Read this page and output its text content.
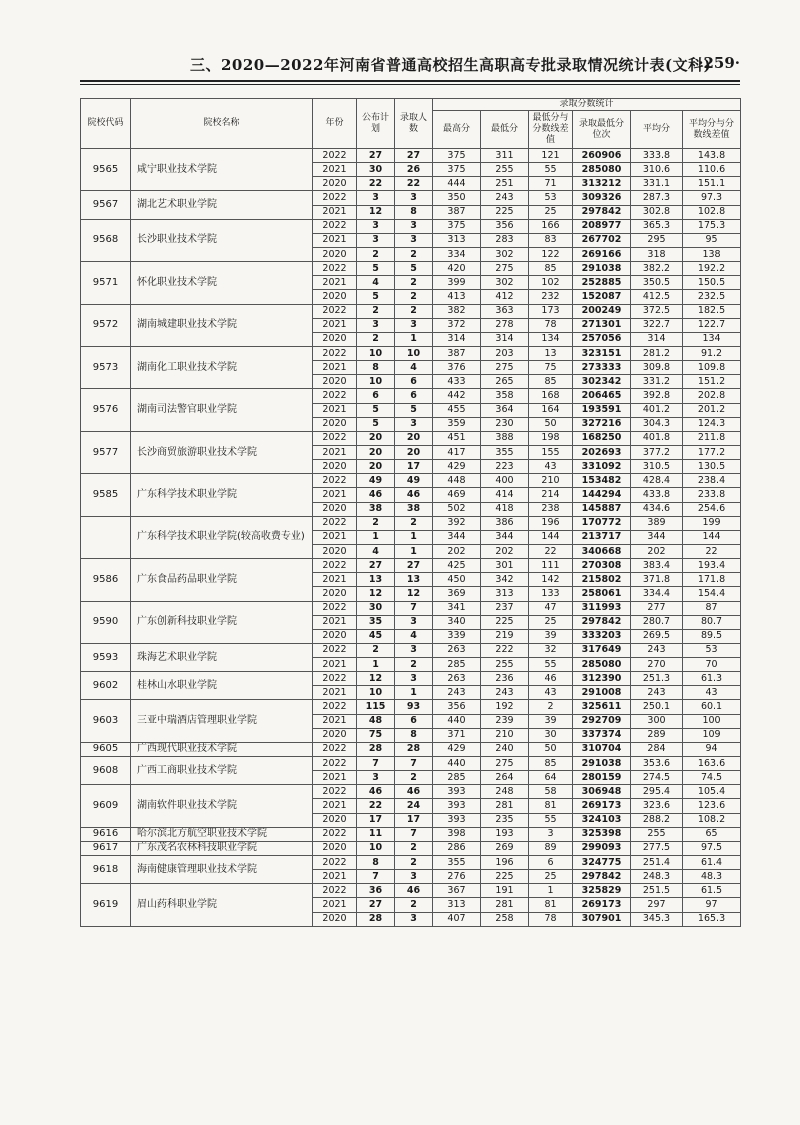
三、2020—2022年河南省普通高校招生高职高专批录取情况统计表(文科)
·259·
院校代码	院校名称	年份	公布计划	录取人数	录取分数统计					
					最高分	最低分	最低分与分数线差值	录取最低分位次	平均分	平均分与分数线差值
9565	咸宁职业技术学院	2022	27	27	375	311	121	260906	333.8	143.8
		2021	30	26	375	255	55	285080	310.6	110.6
		2020	22	22	444	251	71	313212	331.1	151.1
9567	湖北艺术职业学院	2022	3	3	350	243	53	309326	287.3	97.3
		2021	12	8	387	225	25	297842	302.8	102.8
9568	长沙职业技术学院	2022	3	3	375	356	166	208977	365.3	175.3
		2021	3	3	313	283	83	267702	295	95
		2020	2	2	334	302	122	269166	318	138
9571	怀化职业技术学院	2022	5	5	420	275	85	291038	382.2	192.2
		2021	4	2	399	302	102	252885	350.5	150.5
		2020	5	2	413	412	232	152087	412.5	232.5
9572	湖南城建职业技术学院	2022	2	2	382	363	173	200249	372.5	182.5
		2021	3	3	372	278	78	271301	322.7	122.7
		2020	2	1	314	314	134	257056	314	134
9573	湖南化工职业技术学院	2022	10	10	387	203	13	323151	281.2	91.2
		2021	8	4	376	275	75	273333	309.8	109.8
		2020	10	6	433	265	85	302342	331.2	151.2
9576	湖南司法警官职业学院	2022	6	6	442	358	168	206465	392.8	202.8
		2021	5	5	455	364	164	193591	401.2	201.2
		2020	5	3	359	230	50	327216	304.3	124.3
9577	长沙商贸旅游职业技术学院	2022	20	20	451	388	198	168250	401.8	211.8
		2021	20	20	417	355	155	202693	377.2	177.2
		2020	20	17	429	223	43	331092	310.5	130.5
9585	广东科学技术职业学院	2022	49	49	448	400	210	153482	428.4	238.4
		2021	46	46	469	414	214	144294	433.8	233.8
		2020	38	38	502	418	238	145887	434.6	254.6
	广东科学技术职业学院(较高收费专业)	2022	2	2	392	386	196	170772	389	199
		2021	1	1	344	344	144	213717	344	144
		2020	4	1	202	202	22	340668	202	22
9586	广东食品药品职业学院	2022	27	27	425	301	111	270308	383.4	193.4
		2021	13	13	450	342	142	215802	371.8	171.8
		2020	12	12	369	313	133	258061	334.4	154.4
9590	广东创新科技职业学院	2022	30	7	341	237	47	311993	277	87
		2021	35	3	340	225	25	297842	280.7	80.7
		2020	45	4	339	219	39	333203	269.5	89.5
9593	珠海艺术职业学院	2022	2	3	263	222	32	317649	243	53
		2021	1	2	285	255	55	285080	270	70
9602	桂林山水职业学院	2022	12	3	263	236	46	312390	251.3	61.3
		2021	10	1	243	243	43	291008	243	43
9603	三亚中瑞酒店管理职业学院	2022	115	93	356	192	2	325611	250.1	60.1
		2021	48	6	440	239	39	292709	300	100
		2020	75	8	371	210	30	337374	289	109
9605	广西现代职业技术学院	2022	28	28	429	240	50	310704	284	94
9608	广西工商职业技术学院	2022	7	7	440	275	85	291038	353.6	163.6
		2021	3	2	285	264	64	280159	274.5	74.5
9609	湖南软件职业技术学院	2022	46	46	393	248	58	306948	295.4	105.4
		2021	22	24	393	281	81	269173	323.6	123.6
		2020	17	17	393	235	55	324103	288.2	108.2
9616	哈尔滨北方航空职业技术学院	2022	11	7	398	193	3	325398	255	65
9617	广东茂名农林科技职业学院	2020	10	2	286	269	89	299093	277.5	97.5
9618	海南健康管理职业技术学院	2022	8	2	355	196	6	324775	251.4	61.4
		2021	7	3	276	225	25	297842	248.3	48.3
9619	眉山药科职业学院	2022	36	46	367	191	1	325829	251.5	61.5
		2021	27	2	313	281	81	269173	297	97
		2020	28	3	407	258	78	307901	345.3	165.3
